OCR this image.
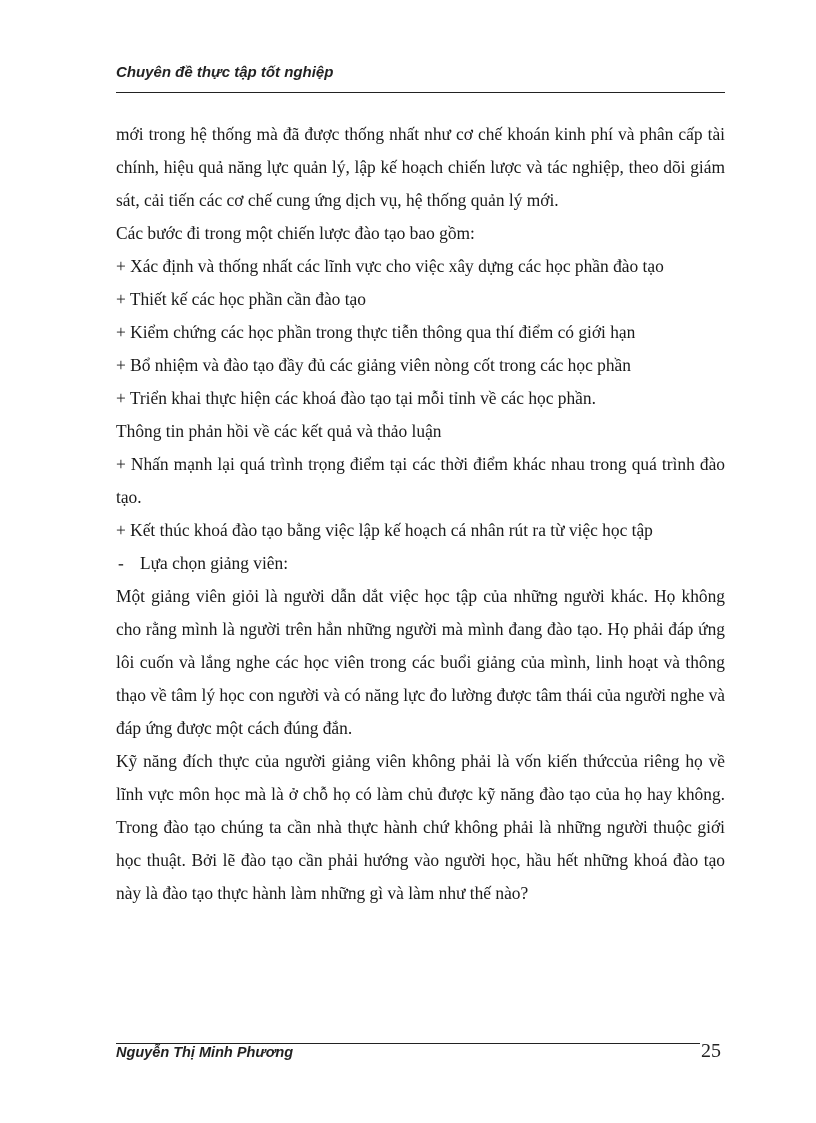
Chuyên đề thực tập tốt nghiệp

mới trong hệ thống mà đã được thống nhất như cơ chế khoán kinh phí và phân cấp tài chính, hiệu quả năng lực quản lý, lập kế hoạch chiến lược và tác nghiệp, theo dõi giám sát, cải tiến các cơ chế cung ứng dịch vụ, hệ thống quản lý mới.

Các bước đi trong một chiến lược đào tạo bao gồm:

+ Xác định và thống nhất các lĩnh vực cho việc xây dựng các học phần đào tạo

+ Thiết kế các học phần cần đào tạo

+ Kiểm chứng các học phần trong thực tiễn thông qua thí điểm có giới hạn

+ Bổ nhiệm và đào tạo đầy đủ các giảng viên nòng cốt trong các học phần

+ Triển khai thực hiện các khoá đào tạo tại mỗi tỉnh về các học phần.

Thông tin phản hồi về các kết quả và thảo luận

+ Nhấn mạnh lại quá trình trọng điểm tại các thời điểm khác nhau trong quá trình đào tạo.

+ Kết thúc khoá đào tạo bằng việc lập kế hoạch cá nhân rút ra từ việc học tập

- Lựa chọn giảng viên:

Một giảng viên giỏi là người dẫn dắt việc học tập của những người khác. Họ không cho rằng mình là người trên hẳn những người mà mình đang đào tạo. Họ phải đáp ứng lôi cuốn và lắng nghe các học viên trong các buổi giảng của mình, linh hoạt và thông thạo về tâm lý học con người và có năng lực đo lường được tâm thái của người nghe và đáp ứng được một cách đúng đắn.

Kỹ năng đích thực của người giảng viên không phải là vốn kiến thứccủa riêng họ về lĩnh vực môn học mà là ở chỗ họ có làm chủ được kỹ năng đào tạo của họ hay không. Trong đào tạo chúng ta cần nhà thực hành chứ không phải là những người thuộc giới học thuật. Bởi lẽ đào tạo cần phải hướng vào người học, hầu hết những khoá đào tạo này là đào tạo thực hành làm những gì và làm như thế nào?

Nguyễn Thị Minh Phương	25
